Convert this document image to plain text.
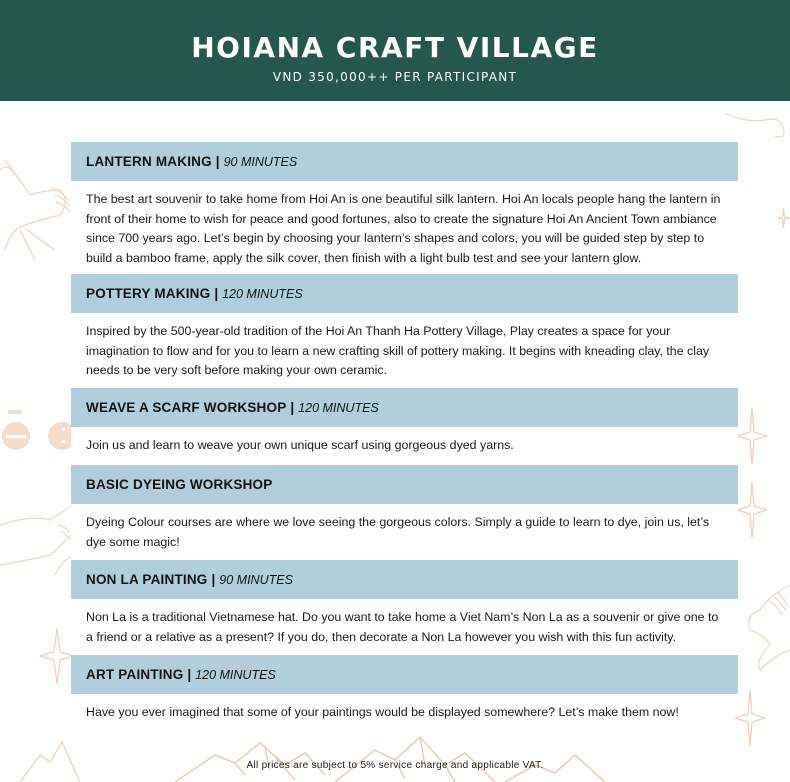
HOIANA CRAFT VILLAGE
VND 350,000++ PER PARTICIPANT
LANTERN MAKING | 90 MINUTES
The best art souvenir to take home from Hoi An is one beautiful silk lantern. Hoi An locals people hang the lantern in front of their home to wish for peace and good fortunes, also to create the signature Hoi An Ancient Town ambiance since 700 years ago. Let’s begin by choosing your lantern’s shapes and colors, you will be guided step by step to build a bamboo frame, apply the silk cover, then finish with a light bulb test and see your lantern glow.
POTTERY MAKING | 120 MINUTES
Inspired by the 500-year-old tradition of the Hoi An Thanh Ha Pottery Village, Play creates a space for your imagination to flow and for you to learn a new crafting skill of pottery making. It begins with kneading clay, the clay needs to be very soft before making your own ceramic.
WEAVE A SCARF WORKSHOP | 120 MINUTES
Join us and learn to weave your own unique scarf using gorgeous dyed yarns.
BASIC DYEING WORKSHOP
Dyeing Colour courses are where we love seeing the gorgeous colors. Simply a guide to learn to dye, join us, let’s dye some magic!
NON LA PAINTING | 90 MINUTES
Non La is a traditional Vietnamese hat. Do you want to take home a Viet Nam’s Non La as a souvenir or give one to a friend or a relative as a present? If you do, then decorate a Non La however you wish with this fun activity.
ART PAINTING | 120 MINUTES
Have you ever imagined that some of your paintings would be displayed somewhere? Let’s make them now!
All prices are subject to 5% service charge and applicable VAT.
